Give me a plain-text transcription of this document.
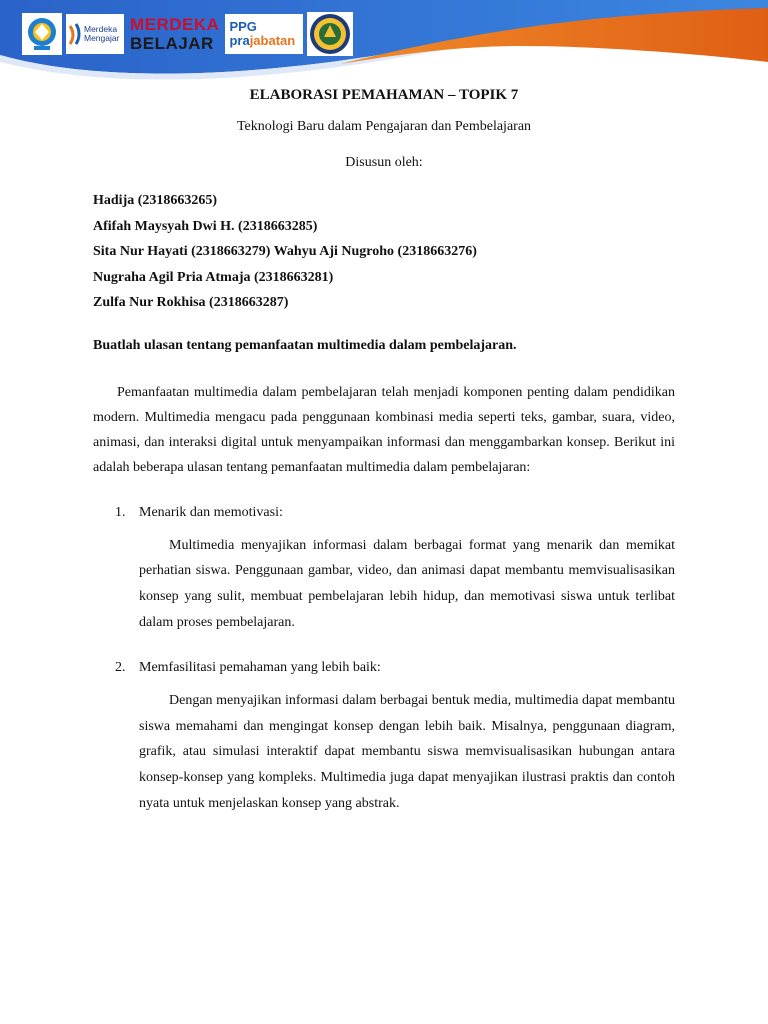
Merdeka
Mengajar
MERDEKA
BELAJAR
PPG
prajabatan
ELABORASI PEMAHAMAN – TOPIK 7
Teknologi Baru dalam Pengajaran dan Pembelajaran
Disusun oleh:
Hadija (2318663265)
Afifah Maysyah Dwi H. (2318663285)
Sita Nur Hayati (2318663279) Wahyu Aji Nugroho (2318663276)
Nugraha Agil Pria Atmaja (2318663281)
Zulfa Nur Rokhisa (2318663287)
Buatlah ulasan tentang pemanfaatan multimedia dalam pembelajaran.

Pemanfaatan multimedia dalam pembelajaran telah menjadi komponen penting dalam pendidikan modern. Multimedia mengacu pada penggunaan kombinasi media seperti teks, gambar, suara, video, animasi, dan interaksi digital untuk menyampaikan informasi dan menggambarkan konsep. Berikut ini adalah beberapa ulasan tentang pemanfaatan multimedia dalam pembelajaran:

1. Menarik dan memotivasi:

Multimedia menyajikan informasi dalam berbagai format yang menarik dan memikat perhatian siswa. Penggunaan gambar, video, dan animasi dapat membantu memvisualisasikan konsep yang sulit, membuat pembelajaran lebih hidup, dan memotivasi siswa untuk terlibat dalam proses pembelajaran.

2. Memfasilitasi pemahaman yang lebih baik:

Dengan menyajikan informasi dalam berbagai bentuk media, multimedia dapat membantu siswa memahami dan mengingat konsep dengan lebih baik. Misalnya, penggunaan diagram, grafik, atau simulasi interaktif dapat membantu siswa memvisualisasikan hubungan antara konsep-konsep yang kompleks. Multimedia juga dapat menyajikan ilustrasi praktis dan contoh nyata untuk menjelaskan konsep yang abstrak.
